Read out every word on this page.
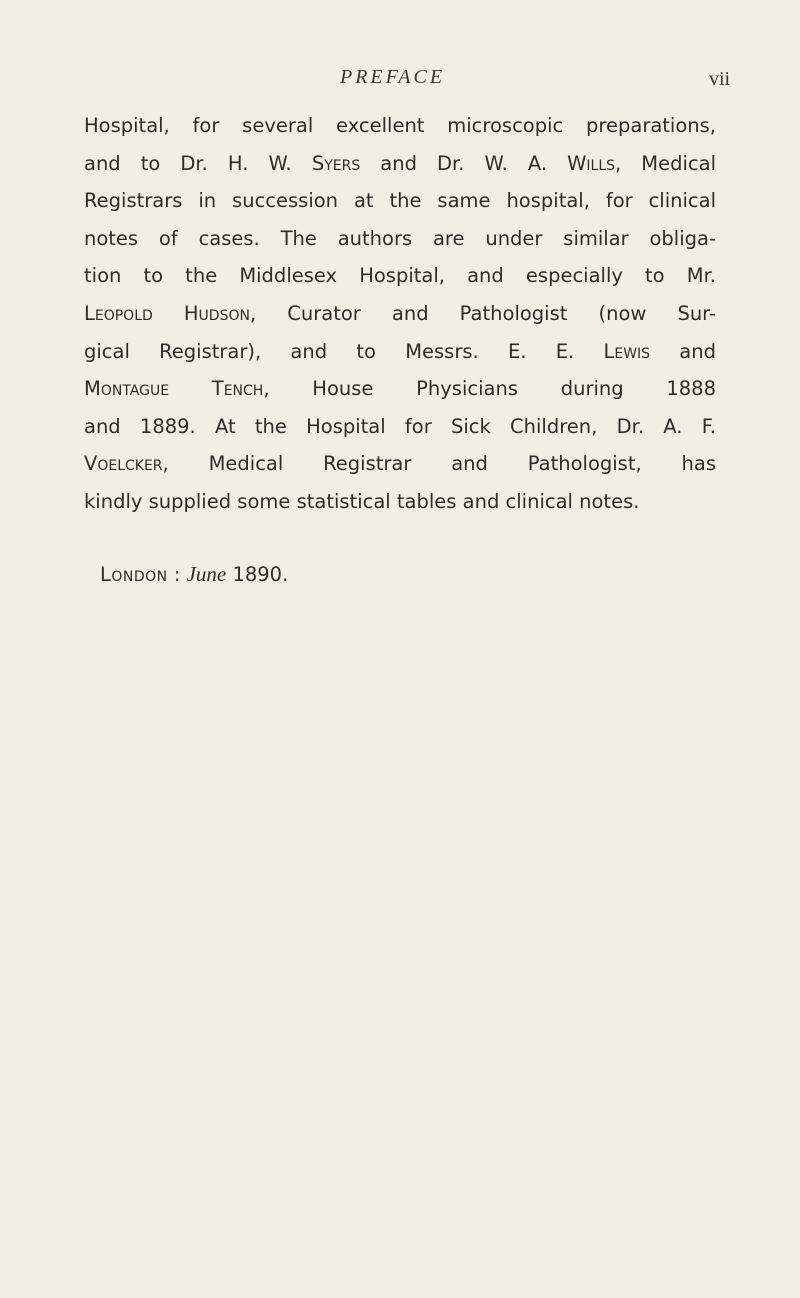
PREFACE	vii
Hospital, for several excellent microscopic preparations,
and to Dr. H. W. Syers and Dr. W. A. Wills, Medical
Registrars in succession at the same hospital, for clinical
notes of cases. The authors are under similar obliga-
tion to the Middlesex Hospital, and especially to Mr.
Leopold Hudson, Curator and Pathologist (now Sur-
gical Registrar), and to Messrs. E. E. Lewis and
Montague Tench, House Physicians during 1888
and 1889. At the Hospital for Sick Children, Dr. A. F.
Voelcker, Medical Registrar and Pathologist, has
kindly supplied some statistical tables and clinical notes.
London : June 1890.
